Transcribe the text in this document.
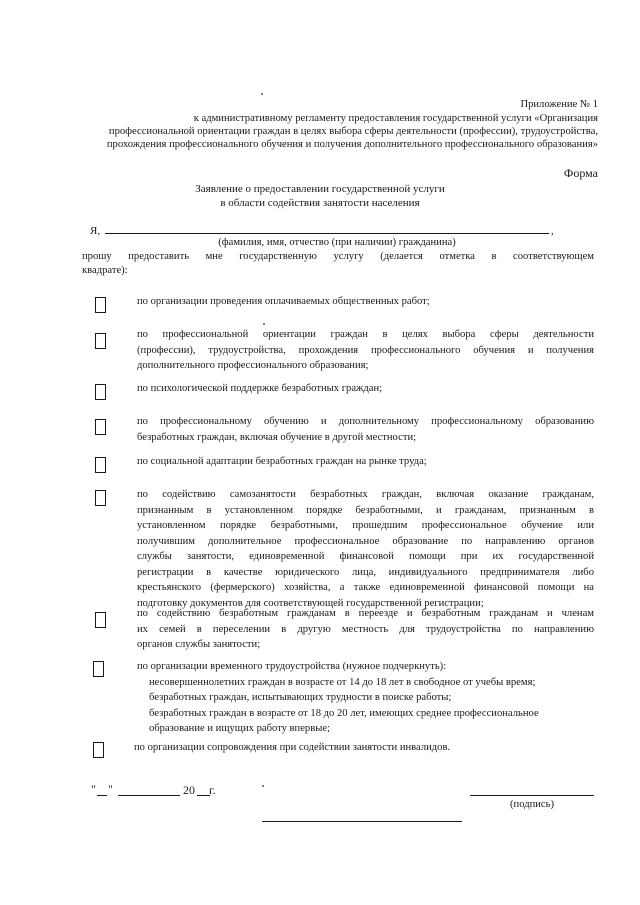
Приложение № 1
к административному регламенту предоставления государственной услуги «Организация
профессиональной ориентации граждан в целях выбора сферы деятельности (профессии), трудоустройства,
прохождения профессионального обучения и получения дополнительного профессионального образования»
Форма
Заявление о предоставлении государственной услуги
в области содействия занятости населения
Я,	,
(фамилия, имя, отчество (при наличии) гражданина)
прошу предоставить мне государственную услугу (делается отметка в соответствующем
квадрате):
по организации проведения оплачиваемых общественных работ;
по профессиональной ориентации граждан в целях выбора сферы деятельности
(профессии), трудоустройства, прохождения профессионального обучения и получения
дополнительного профессионального образования;
по психологической поддержке безработных граждан;
по профессиональному обучению и дополнительному профессиональному образованию
безработных граждан, включая обучение в другой местности;
по социальной адаптации безработных граждан на рынке труда;
по содействию самозанятости безработных граждан, включая оказание гражданам,
признанным в установленном порядке безработными, и гражданам, признанным в
установленном порядке безработными, прошедшим профессиональное обучение или
получившим дополнительное профессиональное образование по направлению органов
службы занятости, единовременной финансовой помощи при их государственной
регистрации в качестве юридического лица, индивидуального предпринимателя либо
крестьянского (фермерского) хозяйства, а также единовременной финансовой помощи на
подготовку документов для соответствующей государственной регистрации;
по содействию безработным гражданам в переезде и безработным гражданам и членам
их семей в переселении в другую местность для трудоустройства по направлению
органов службы занятости;
по организации временного трудоустройства (нужное подчеркнуть):
несовершеннолетних граждан в возрасте от 14 до 18 лет в свободное от учебы время;
безработных граждан, испытывающих трудности в поиске работы;
безработных граждан в возрасте от 18 до 20 лет, имеющих среднее профессиональное
образование и ищущих работу впервые;
по организации сопровождения при содействии занятости инвалидов.
" "	20 г.
(подпись)
